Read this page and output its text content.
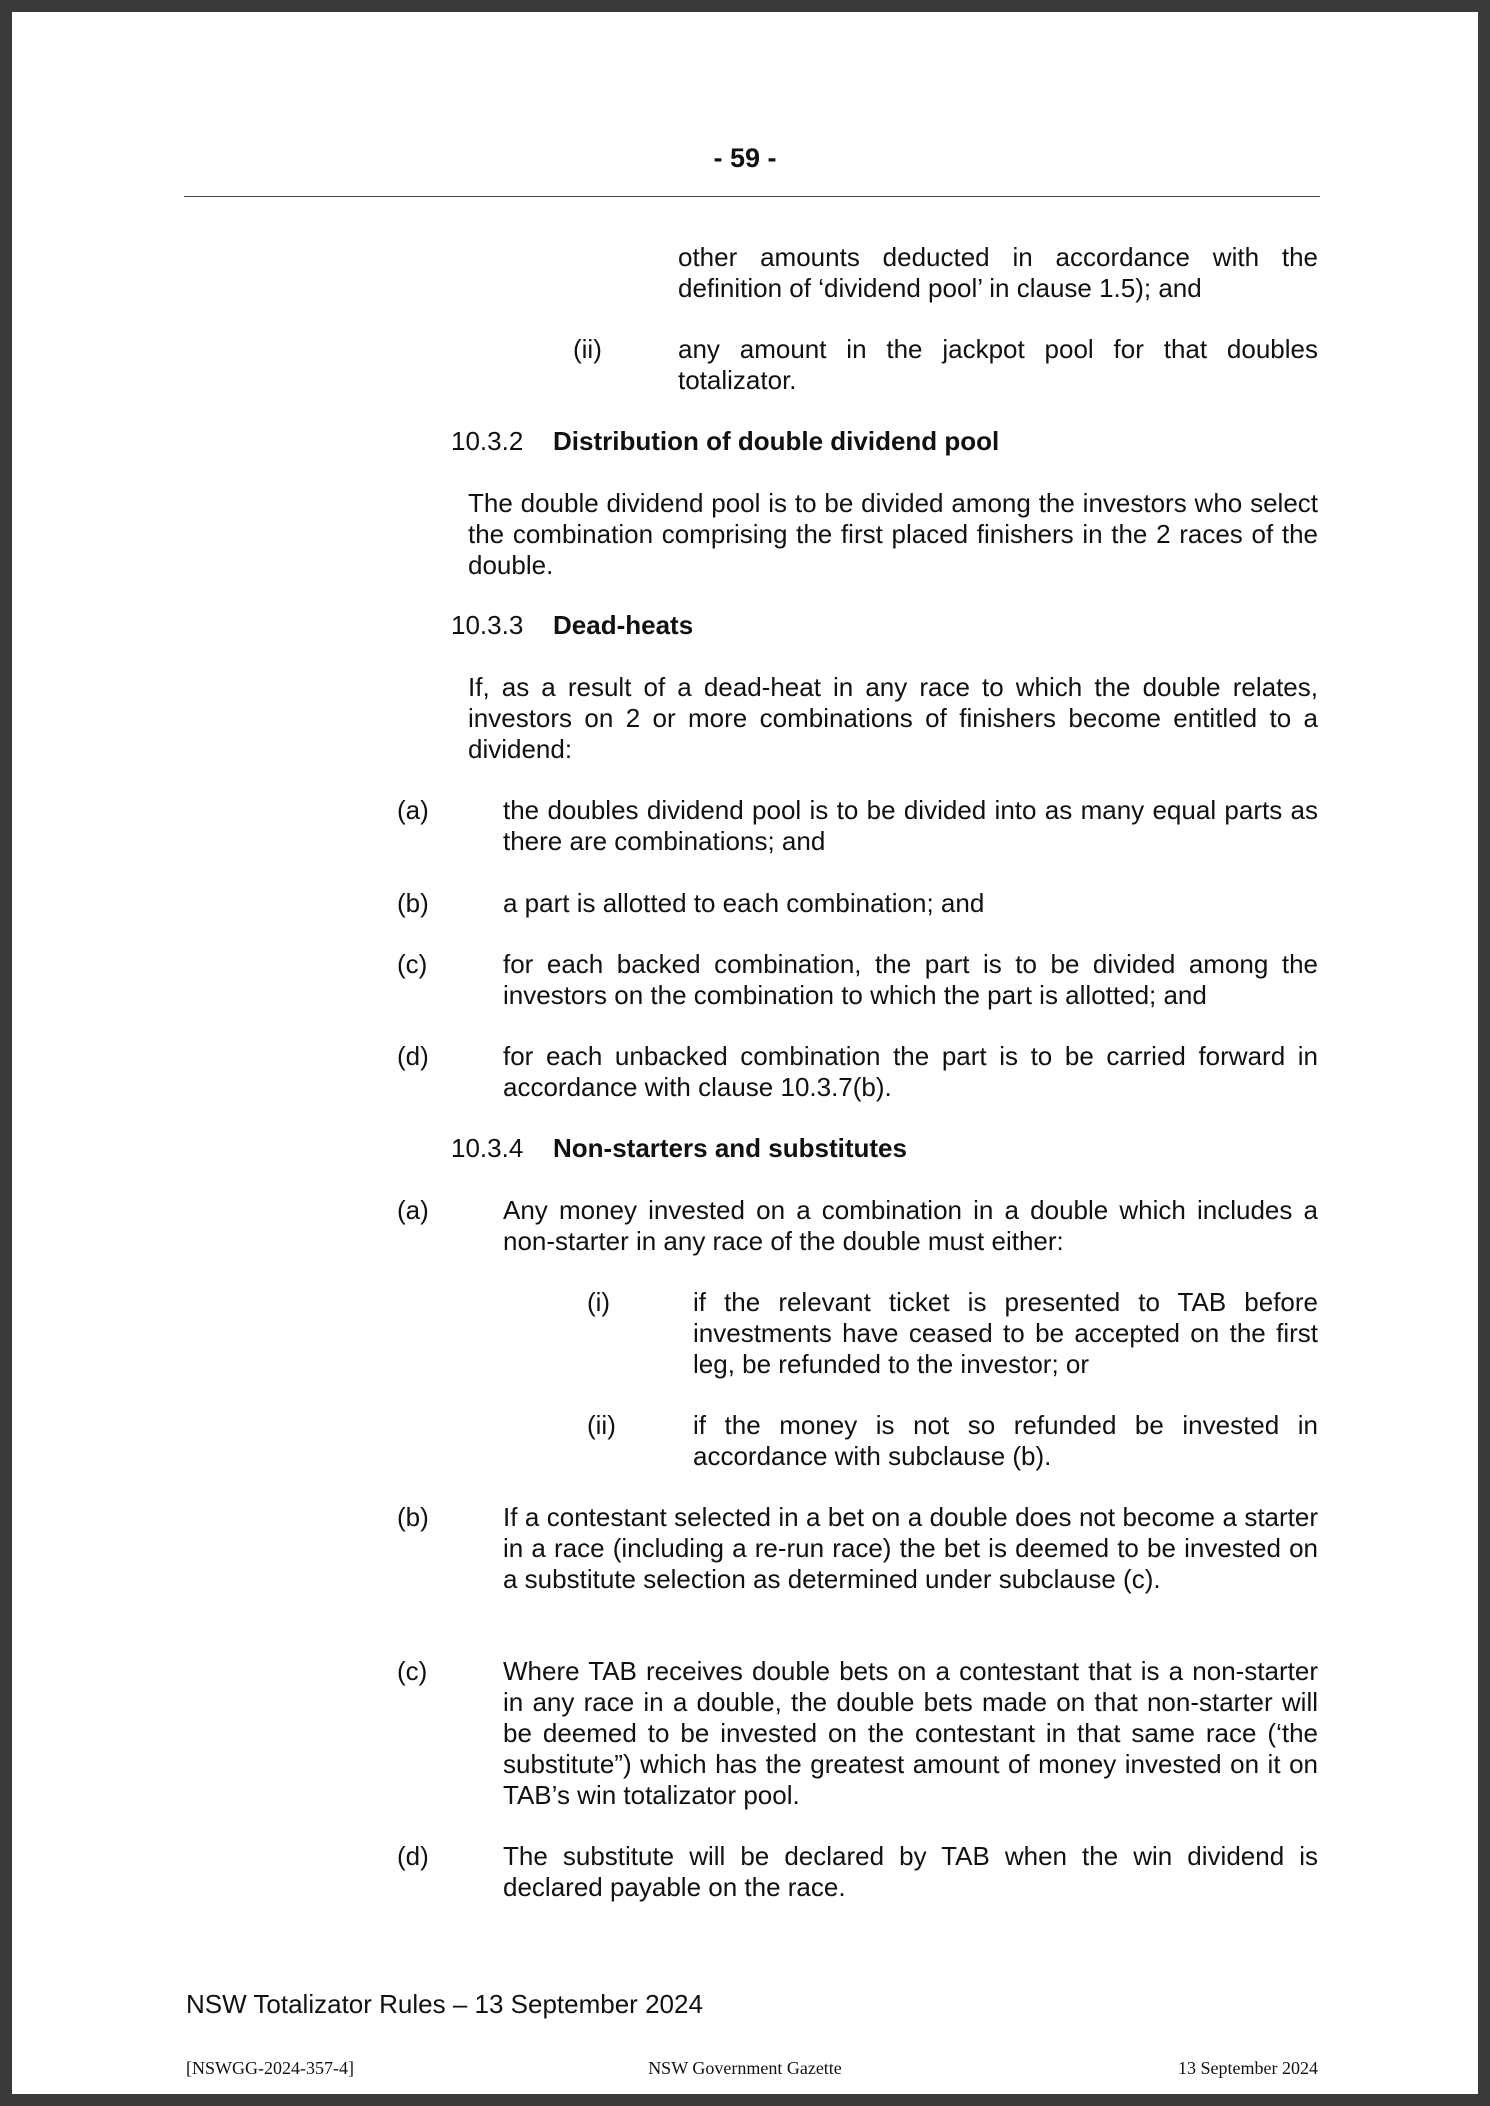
- 59 -
other amounts deducted in accordance with the definition of ‘dividend pool’ in clause 1.5); and
(ii)	any amount in the jackpot pool for that doubles totalizator.
10.3.2 Distribution of double dividend pool
The double dividend pool is to be divided among the investors who select the combination comprising the first placed finishers in the 2 races of the double.
10.3.3 Dead-heats
If, as a result of a dead-heat in any race to which the double relates, investors on 2 or more combinations of finishers become entitled to a dividend:
(a)	the doubles dividend pool is to be divided into as many equal parts as there are combinations; and
(b)	a part is allotted to each combination; and
(c)	for each backed combination, the part is to be divided among the investors on the combination to which the part is allotted; and
(d)	for each unbacked combination the part is to be carried forward in accordance with clause 10.3.7(b).
10.3.4 Non-starters and substitutes
(a)	Any money invested on a combination in a double which includes a non-starter in any race of the double must either:
(i)	if the relevant ticket is presented to TAB before investments have ceased to be accepted on the first leg, be refunded to the investor; or
(ii)	if the money is not so refunded be invested in accordance with subclause (b).
(b)	If a contestant selected in a bet on a double does not become a starter in a race (including a re-run race) the bet is deemed to be invested on a substitute selection as determined under subclause (c).
(c)	Where TAB receives double bets on a contestant that is a non-starter in any race in a double, the double bets made on that non-starter will be deemed to be invested on the contestant in that same race (‘the substitute”) which has the greatest amount of money invested on it on TAB’s win totalizator pool.
(d)	The substitute will be declared by TAB when the win dividend is declared payable on the race.
NSW Totalizator Rules – 13 September 2024
[NSWGG-2024-357-4]	NSW Government Gazette	13 September 2024
